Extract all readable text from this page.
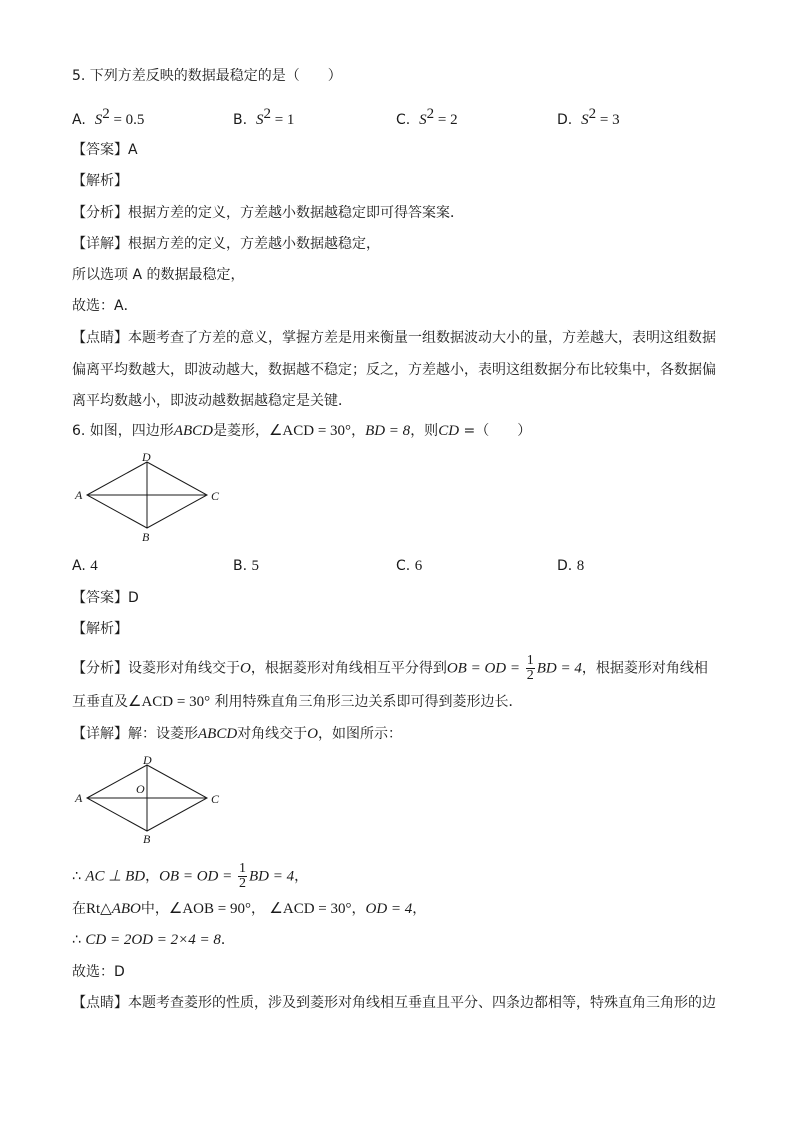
5. 下列方差反映的数据最稳定的是（　　）
A. $S^2 = 0.5$	B. $S^2 = 1$	C. $S^2 = 2$	D. $S^2 = 3$
【答案】A
【解析】
【分析】根据方差的定义，方差越小数据越稳定即可得答案案．
【详解】根据方差的定义，方差越小数据越稳定，
所以选项 A 的数据最稳定，
故选：A．
【点睛】本题考查了方差的意义，掌握方差是用来衡量一组数据波动大小的量，方差越大，表明这组数据
偏离平均数越大，即波动越大，数据越不稳定；反之，方差越小，表明这组数据分布比较集中，各数据偏
离平均数越小，即波动越数据越稳定是关键．
6. 如图，四边形ABCD是菱形，∠ACD = 30°，BD = 8，则CD =（　　）
D
A	C
B
A. 4	B. 5	C. 6	D. 8
【答案】D
【解析】
【分析】设菱形对角线交于O，根据菱形对角线相互平分得到OB = OD = $\frac{1}{2}$ BD = 4，根据菱形对角线相
互垂直及∠ACD = 30° 利用特殊直角三角形三边关系即可得到菱形边长．
【详解】解：设菱形ABCD对角线交于O，如图所示：
D
A	C
B
O
∴ AC ⊥ BD，OB = OD = $\frac{1}{2}$ BD = 4，
在Rt△ABO中，∠AOB = 90°， ∠ACD = 30°，OD = 4，
∴ CD = 2OD = 2×4 = 8．
故选：D
【点睛】本题考查菱形的性质，涉及到菱形对角线相互垂直且平分、四条边都相等，特殊直角三角形的边
